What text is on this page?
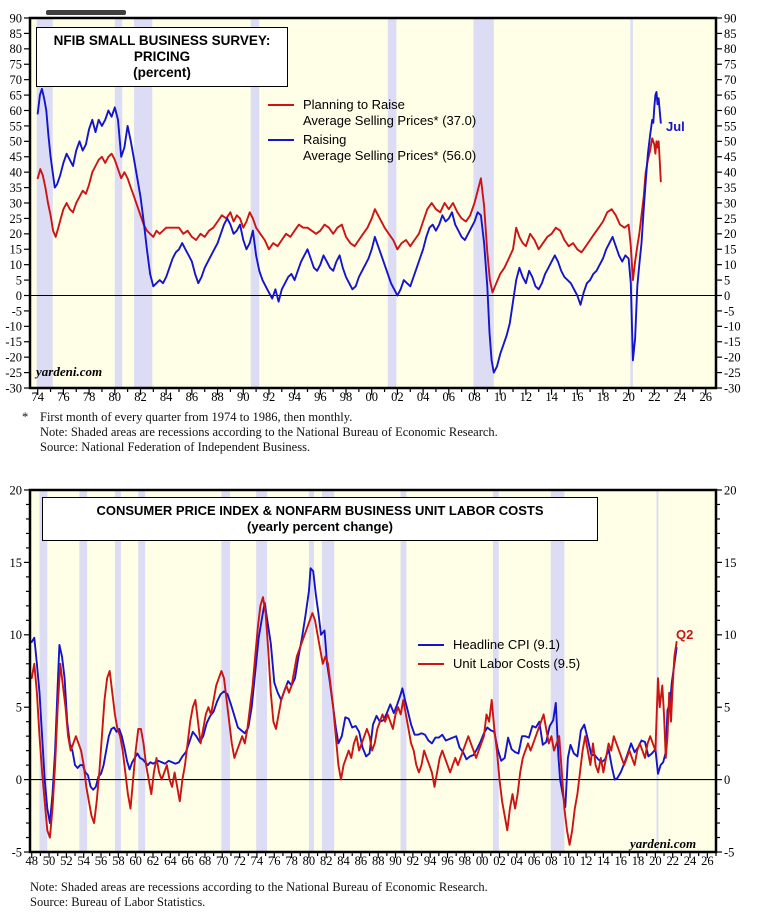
-30	-30
-25	-25
-20	-20
-15	-15
-10	-10
-5	-5
0	0
5	5
10	10
15	15
20	20
25	25
30	30
35	35
40	40
45	45
50	50
55	55
60	60
65	65
70	70
75	75
80	80
85	85
90	90
74 76 78 80 82 84 86 88 90 92 94 96 98 00 02 04 06 08 10 12 14 16 18 20 22 24 26
-5	-5
0	0
5	5
10	10
15	15
20	20
48 50 52 54 56 58 60 62 64 66 68 70 72 74 76 78 80 82 84 86 88 90 92 94 96 98 00 02 04 06 08 10 12 14 16 18 20 22 24 26
NFIB SMALL BUSINESS SURVEY:
PRICING
(percent)
CONSUMER PRICE INDEX & NONFARM BUSINESS UNIT LABOR COSTS
(yearly percent change)
Planning to Raise
Average Selling Prices* (37.0)
Raising
Average Selling Prices* (56.0)
Headline CPI (9.1)
Unit Labor Costs (9.5)
yardeni.com
yardeni.com
Jul
Q2
* First month of every quarter from 1974 to 1986, then monthly.
Note: Shaded areas are recessions according to the National Bureau of Economic Research.
Source: National Federation of Independent Business.
Note: Shaded areas are recessions according to the National Bureau of Economic Research.
Source: Bureau of Labor Statistics.
